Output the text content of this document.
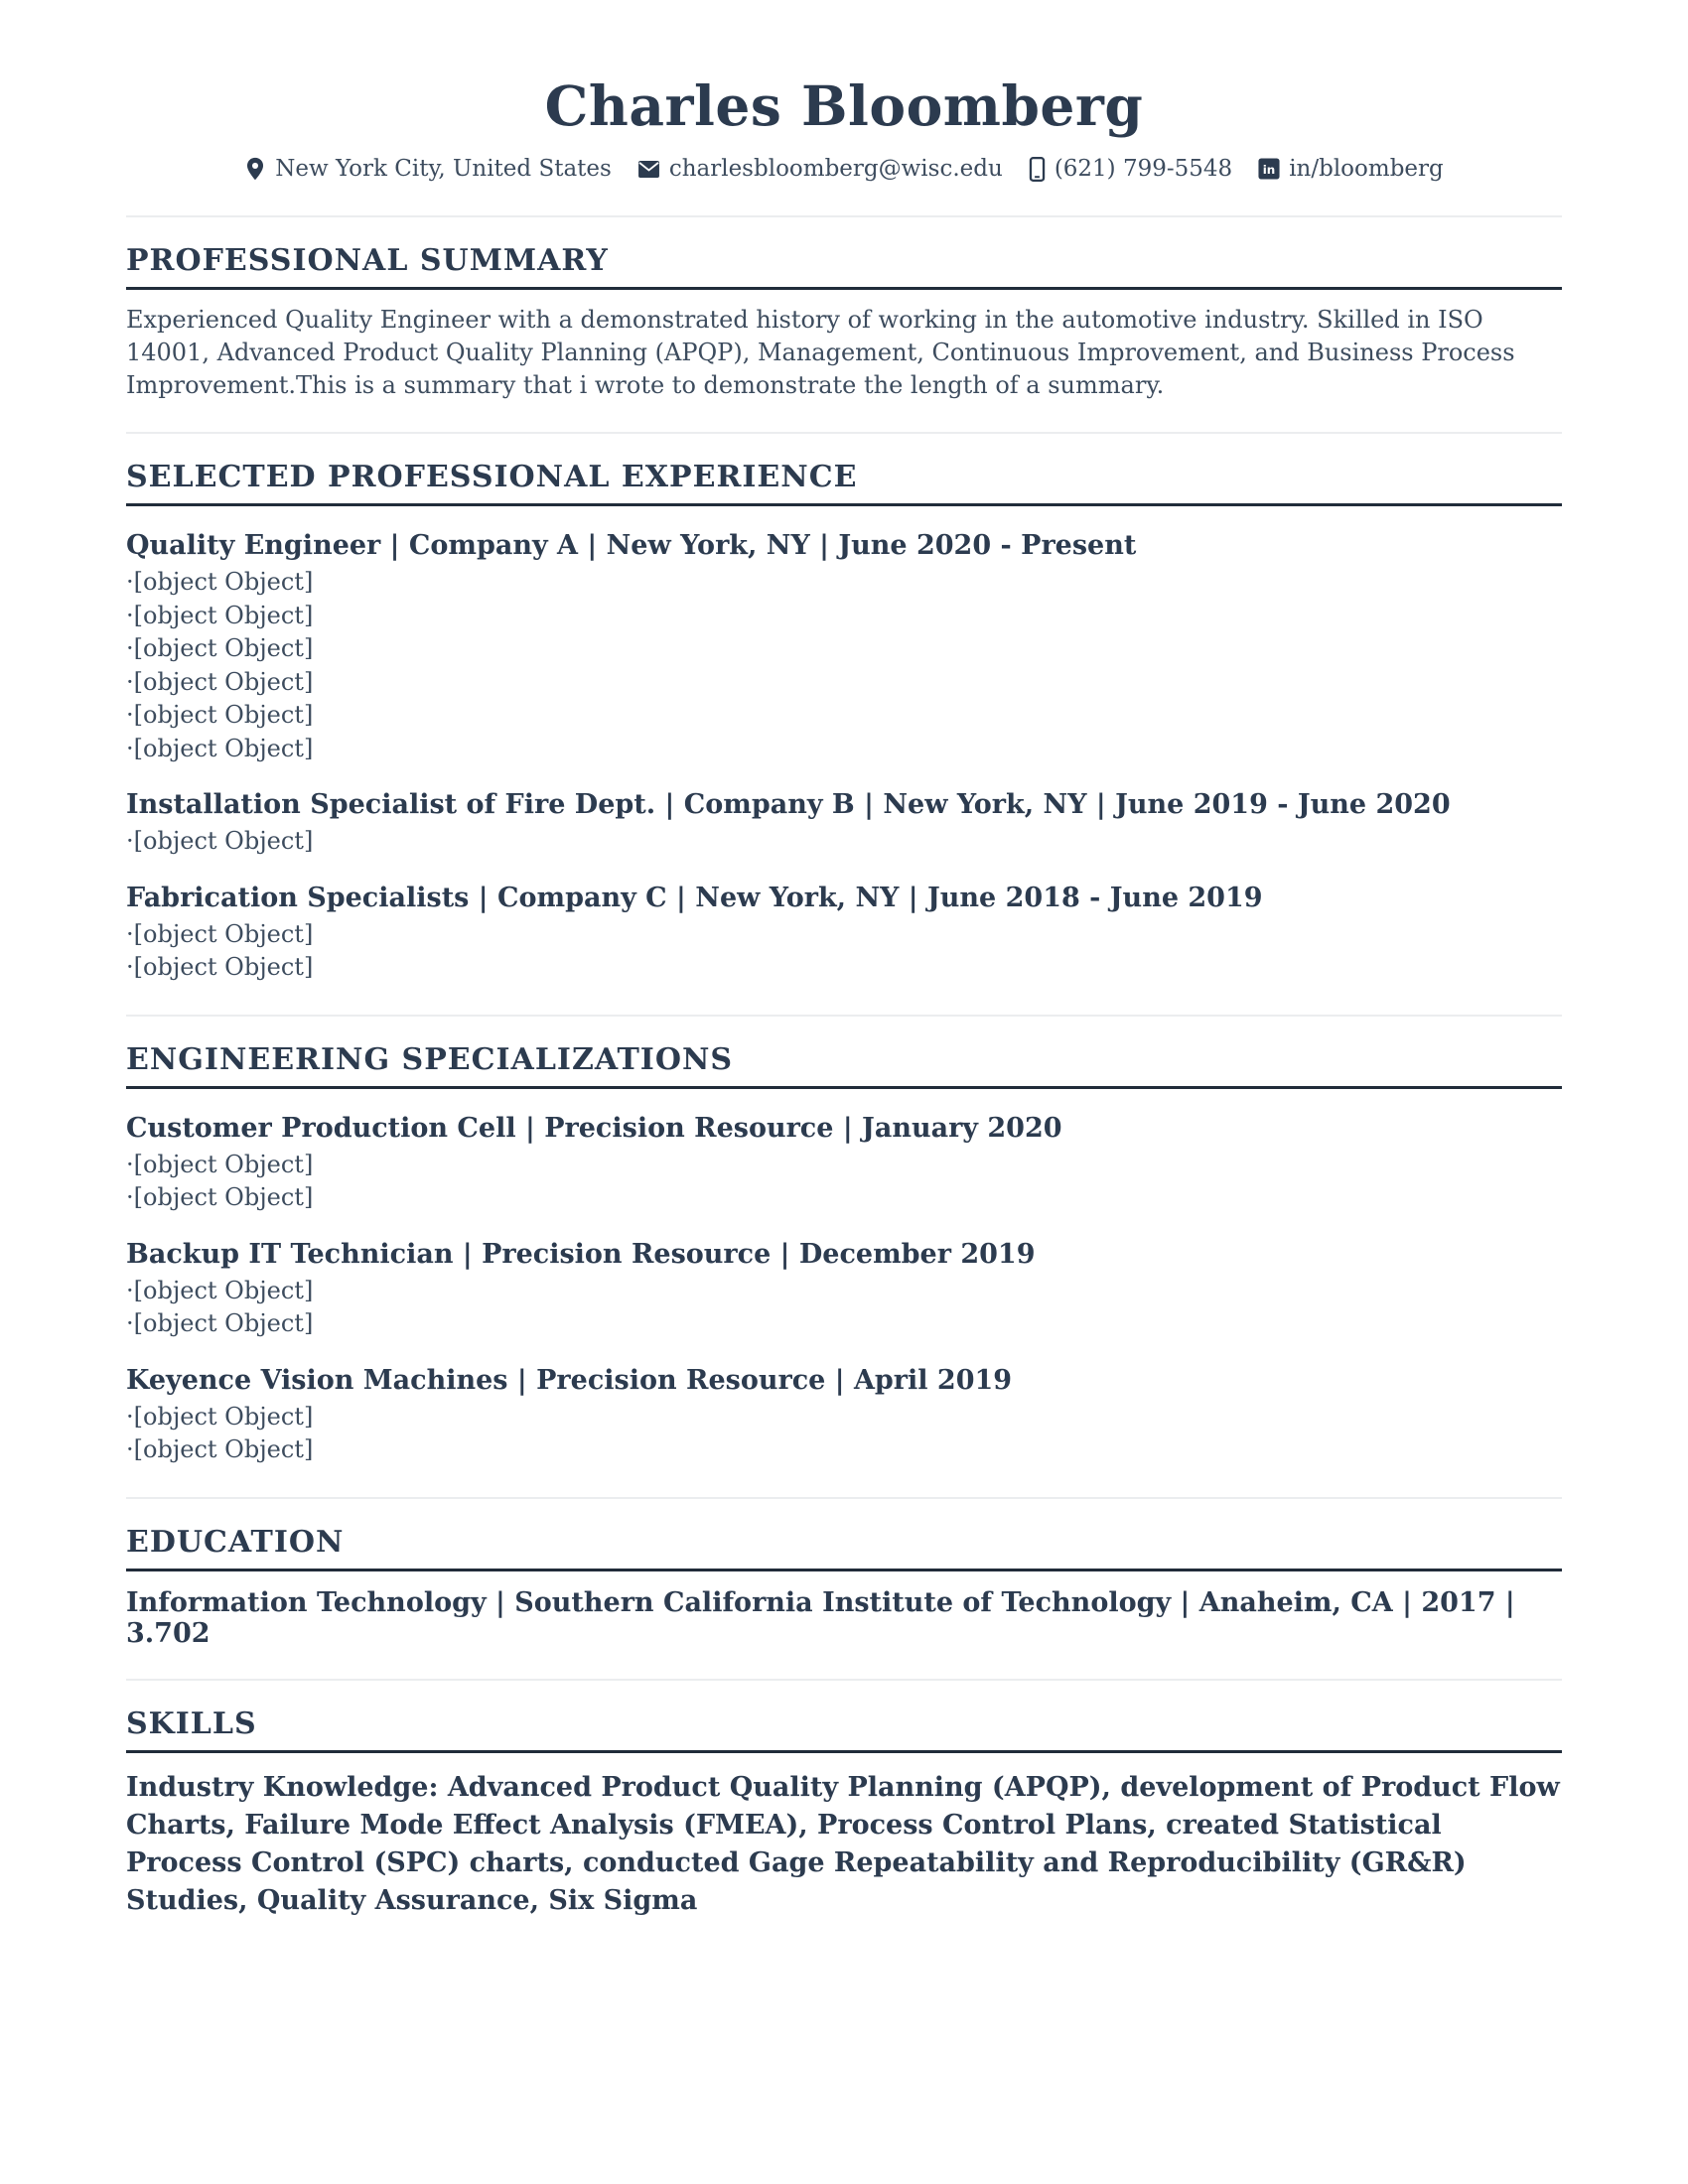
Charles Bloomberg
New York City, United States	charlesbloomberg@wisc.edu (621) 799-5548 in in/bloomberg
PROFESSIONAL SUMMARY

Experienced Quality Engineer with a demonstrated history of working in the automotive industry. Skilled in ISO 14001, Advanced Product Quality Planning (APQP), Management, Continuous Improvement, and Business Process Improvement.This is a summary that i wrote to demonstrate the length of a summary.

SELECTED PROFESSIONAL EXPERIENCE
Quality Engineer | Company A | New York, NY | June 2020 - Present

· [object Object]

· [object Object]

· [object Object]

· [object Object]

· [object Object]

· [object Object]

Installation Specialist of Fire Dept. | Company B | New York, NY | June 2019 - June 2020

· [object Object]

Fabrication Specialists | Company C | New York, NY | June 2018 - June 2019

· [object Object]

· [object Object]

ENGINEERING SPECIALIZATIONS
Customer Production Cell | Precision Resource | January 2020

· [object Object]

· [object Object]

Backup IT Technician | Precision Resource | December 2019

· [object Object]

· [object Object]

Keyence Vision Machines | Precision Resource | April 2019

· [object Object]

· [object Object]

EDUCATION

Information Technology | Southern California Institute of Technology | Anaheim, CA | 2017 | 3.702

SKILLS

Industry Knowledge: Advanced Product Quality Planning (APQP), development of Product Flow Charts, Failure Mode Effect Analysis (FMEA), Process Control Plans, created Statistical Process Control (SPC) charts, conducted Gage Repeatability and Reproducibility (GR&R) Studies, Quality Assurance, Six Sigma
